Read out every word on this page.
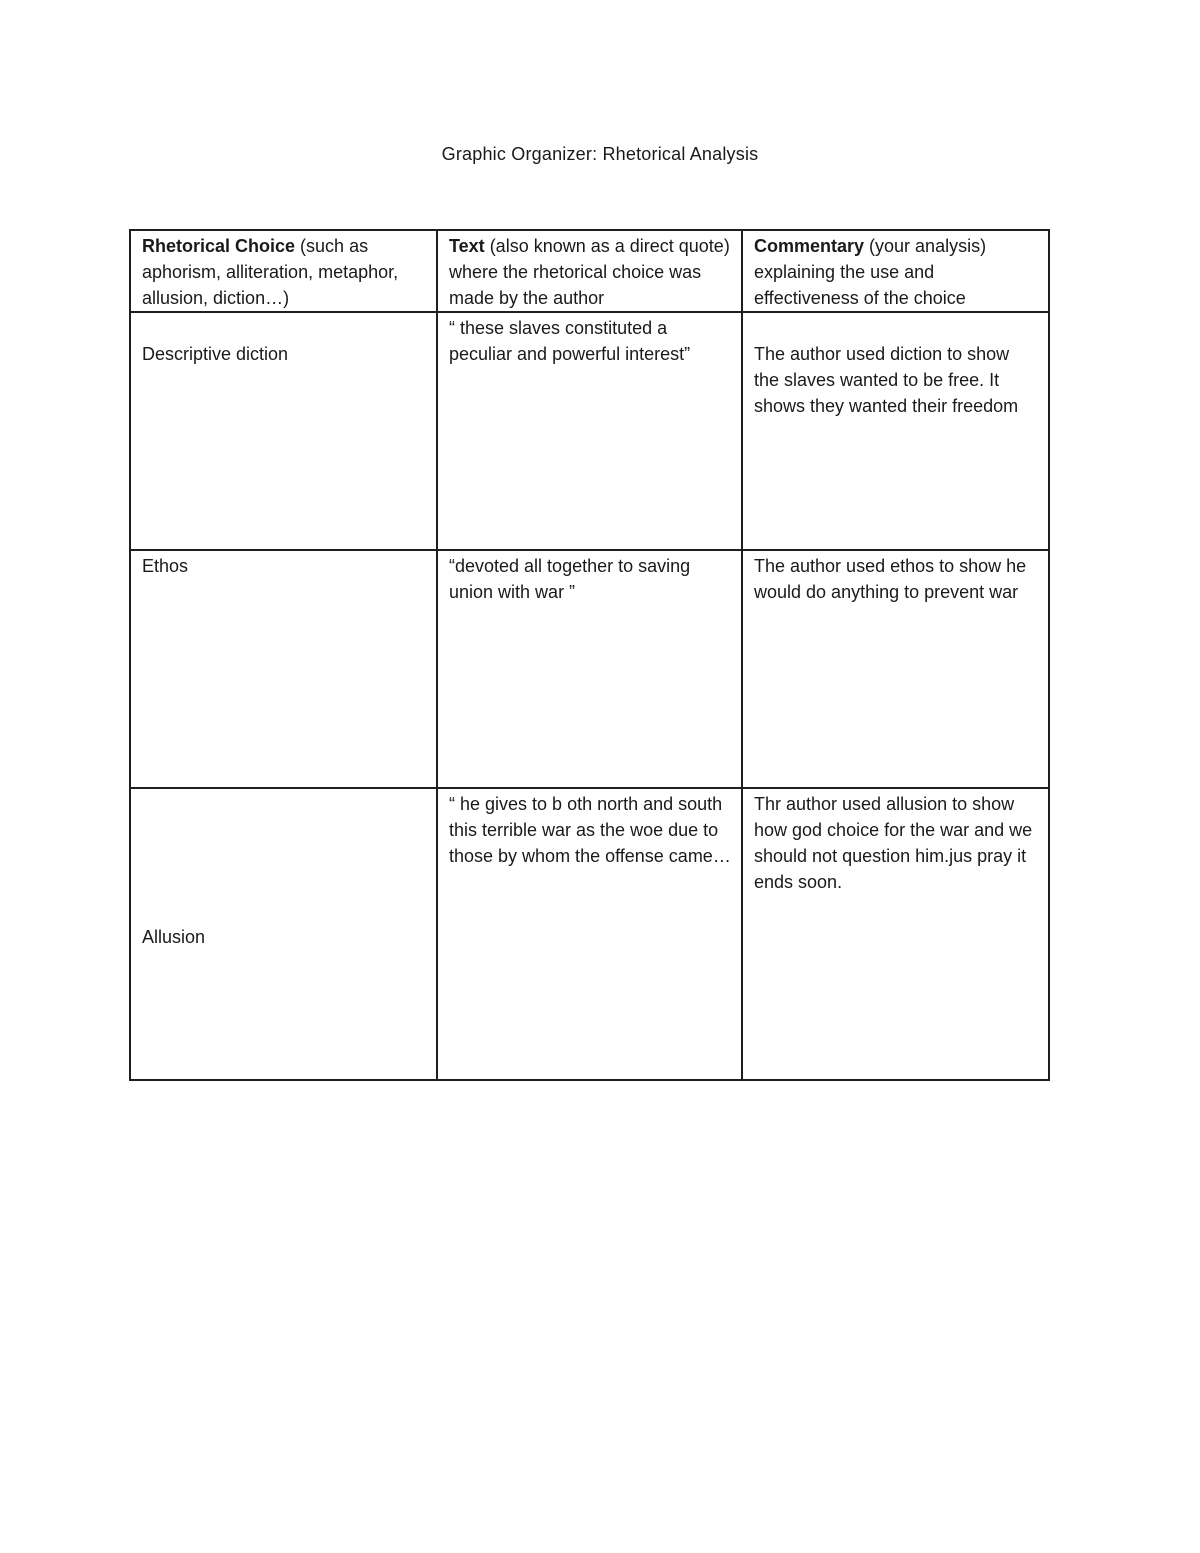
Graphic Organizer: Rhetorical Analysis
Rhetorical Choice (such as aphorism, alliteration, metaphor, allusion, diction…)	Text (also known as a direct quote) where the rhetorical choice was made by the author	Commentary (your analysis) explaining the use and effectiveness of the choice

Descriptive diction	“ these slaves constituted a peculiar and powerful interest”	The author used diction to show the slaves wanted to be free. It shows they wanted their freedom

Ethos	“devoted all together to saving union with war ”	The author used ethos to show he would do anything to prevent war

Allusion	“ he gives to b oth north and south this terrible war as the woe due to those by whom the offense came…	Thr author used allusion to show how god choice for the war and we should not question him.jus pray it ends soon.
